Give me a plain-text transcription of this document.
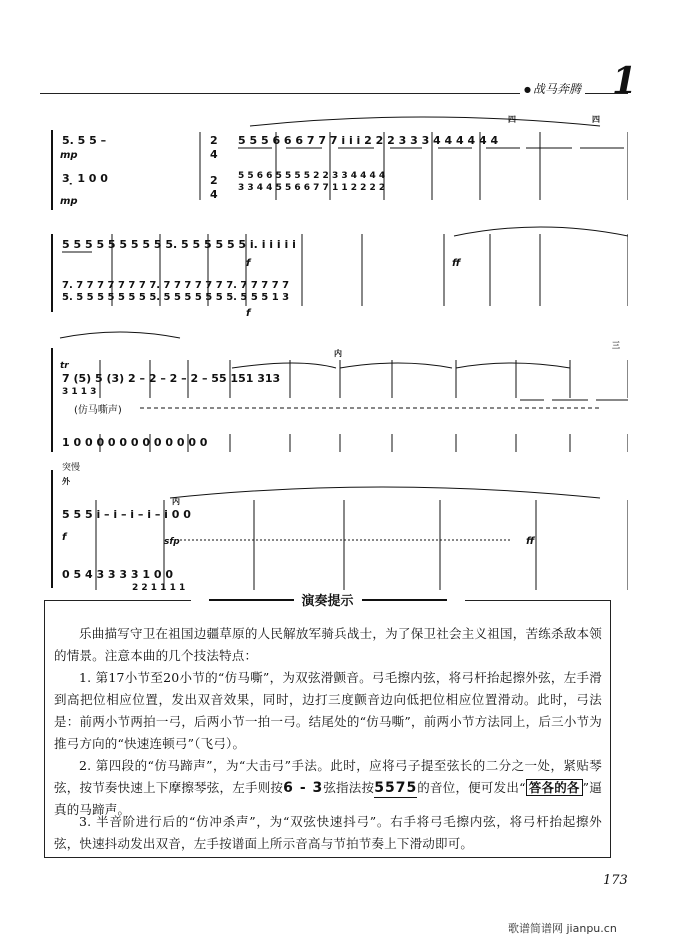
● 战马奔腾 1
5. 5 5 –
mp
3 ̣ 1 0 0
mp
2
4
2
4
5 5 5 6 6 6 7 7 7 i i i 2 2 2 3 3 3 4 4 4 4 4 4
5 5 6 6 5 5 5 5 2 2 3 3 4 4 4 4
3 3 4 4 5 5 6 6 7 7 1 1 2 2 2 2
四	四
5 5 5 5 5 5 5 5 5 5. 5 5 5 5 5 5 i. i i i i i
f	ff
7. 7 7 7 7 7 7 7 7. 7 7 7 7 7 7 7. 7 7 7 7 7
5. 5 5 5 5 5 5 5 5. 5 5 5 5 5 5 5. 5 5 5 1 3
f
tr
7 (5) 5 (3) 2 – 2 – 2 – 2 – 55 151 313
3 1 1 3
内
三
(仿马嘶声)
1 0 0 0 0 0 0 0 0 0 0 0 0
突慢
外
5 5 5 i – i – i – i – i 0 0
f	sfp	ff
0 5 4 3 3 3 3 1 0 0
2 2 1 1 1 1
内
演奏提示

乐曲描写守卫在祖国边疆草原的人民解放军骑兵战士，为了保卫社会主义祖国，苦练杀敌本领的情景。注意本曲的几个技法特点：

1. 第17小节至20小节的“仿马嘶”，为双弦滑颤音。弓毛擦内弦，将弓杆抬起擦外弦，左手滑到高把位相应位置，发出双音效果，同时，边打三度颤音边向低把位相应位置滑动。此时，弓法是：前两小节两拍一弓，后两小节一拍一弓。结尾处的“仿马嘶”，前两小节方法同上，后三小节为推弓方向的“快速连顿弓”（飞弓）。

2. 第四段的“仿马蹄声”，为“大击弓”手法。此时，应将弓子提至弦长的二分之一处，紧贴琴弦，按节奏快速上下摩擦琴弦，左手则按6 - 3弦指法按5575的音位，便可发出“ 答各的各 ”逼真的马蹄声。

3. 半音阶进行后的“仿冲杀声”，为“双弦快速抖弓”。右手将弓毛擦内弦，将弓杆抬起擦外弦，快速抖动发出双音，左手按谱面上所示音高与节拍节奏上下滑动即可。

173
歌谱简谱网 jianpu.cn
